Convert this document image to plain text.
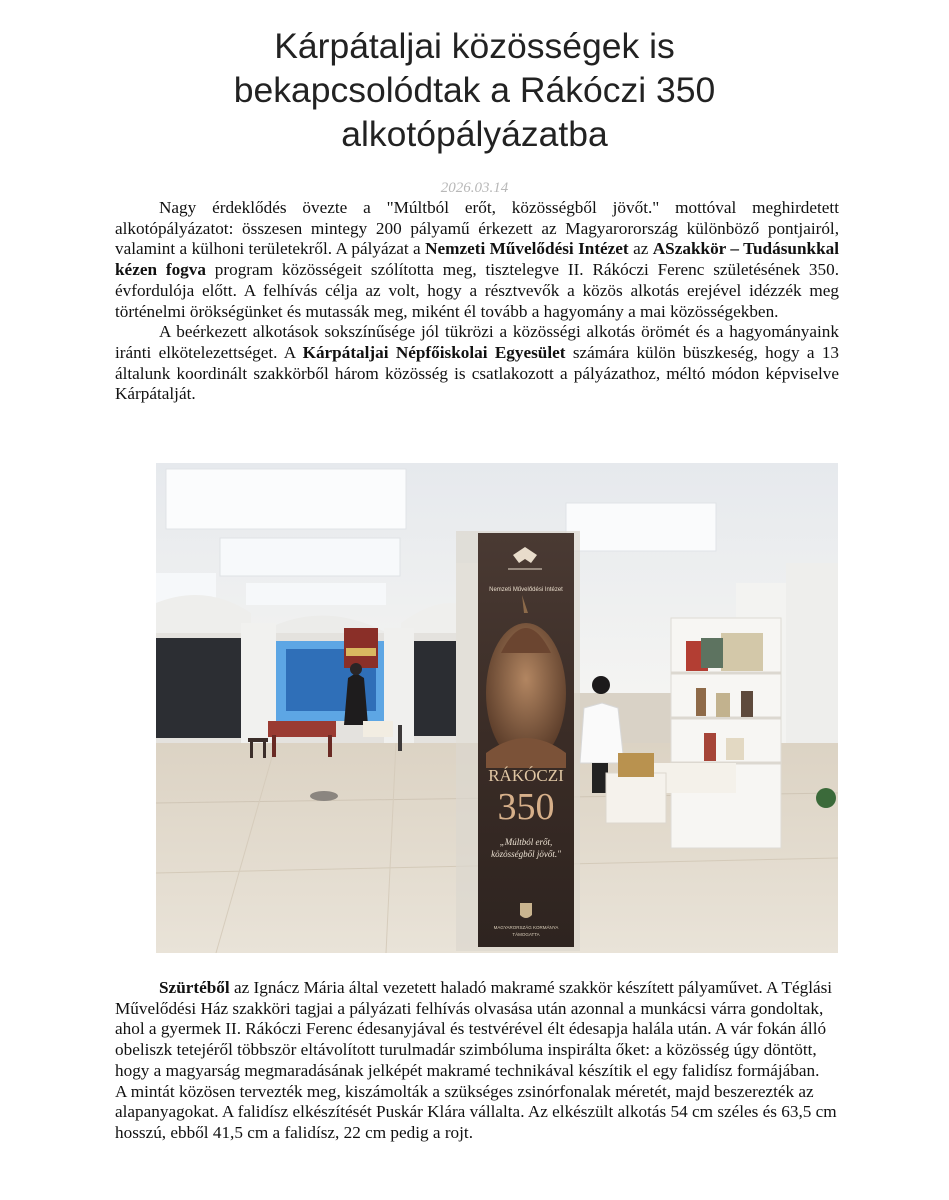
Kárpátaljai közösségek is
bekapcsolódtak a Rákóczi 350
alkotópályázatba
2026.03.14

Nagy érdeklődés övezte a "Múltból erőt, közösségből jövőt." mottóval meghirdetett alkotópályázatot: összesen mintegy 200 pályamű érkezett az Magyarorország különböző pontjairól, valamint a külhoni területekről. A pályázat a Nemzeti Művelődési Intézet az ASzakkör – Tudásunkkal kézen fogva program közösségeit szólította meg, tisztelegve II. Rákóczi Ferenc születésének 350. évfordulója előtt. A felhívás célja az volt, hogy a résztvevők a közös alkotás erejével idézzék meg történelmi örökségünket és mutassák meg, miként él tovább a hagyomány a mai közösségekben.

A beérkezett alkotások sokszínűsége jól tükrözi a közösségi alkotás örömét és a hagyományaink iránti elkötelezettséget. A Kárpátaljai Népfőiskolai Egyesület számára külön büszkeség, hogy a 13 általunk koordinált szakkörből három közösség is csatlakozott a pályázathoz, méltó módon képviselve Kárpátalját.

Nemzeti Művelődési Intézet
RÁKÓCZI
350
„Múltból erőt,
közösségből jövőt."
MAGYARORSZÁG KORMÁNYA
TÁMOGATTA

Szürtéből az Ignácz Mária által vezetett haladó makramé szakkör készített pályaművet. A Téglási Művelődési Ház szakköri tagjai a pályázati felhívás olvasása után azonnal a munkácsi várra gondoltak, ahol a gyermek II. Rákóczi Ferenc édesanyjával és testvérével élt édesapja halála után. A vár fokán álló obeliszk tetejéről többször eltávolított turulmadár szimbóluma inspirálta őket: a közösség úgy döntött, hogy a magyarság megmaradásának jelképét makramé technikával készítik el egy falidísz formájában.

A mintát közösen tervezték meg, kiszámolták a szükséges zsinórfonalak méretét, majd beszerezték az alapanyagokat. A falidísz elkészítését Puskár Klára vállalta. Az elkészült alkotás 54 cm széles és 63,5 cm hosszú, ebből 41,5 cm a falidísz, 22 cm pedig a rojt.
